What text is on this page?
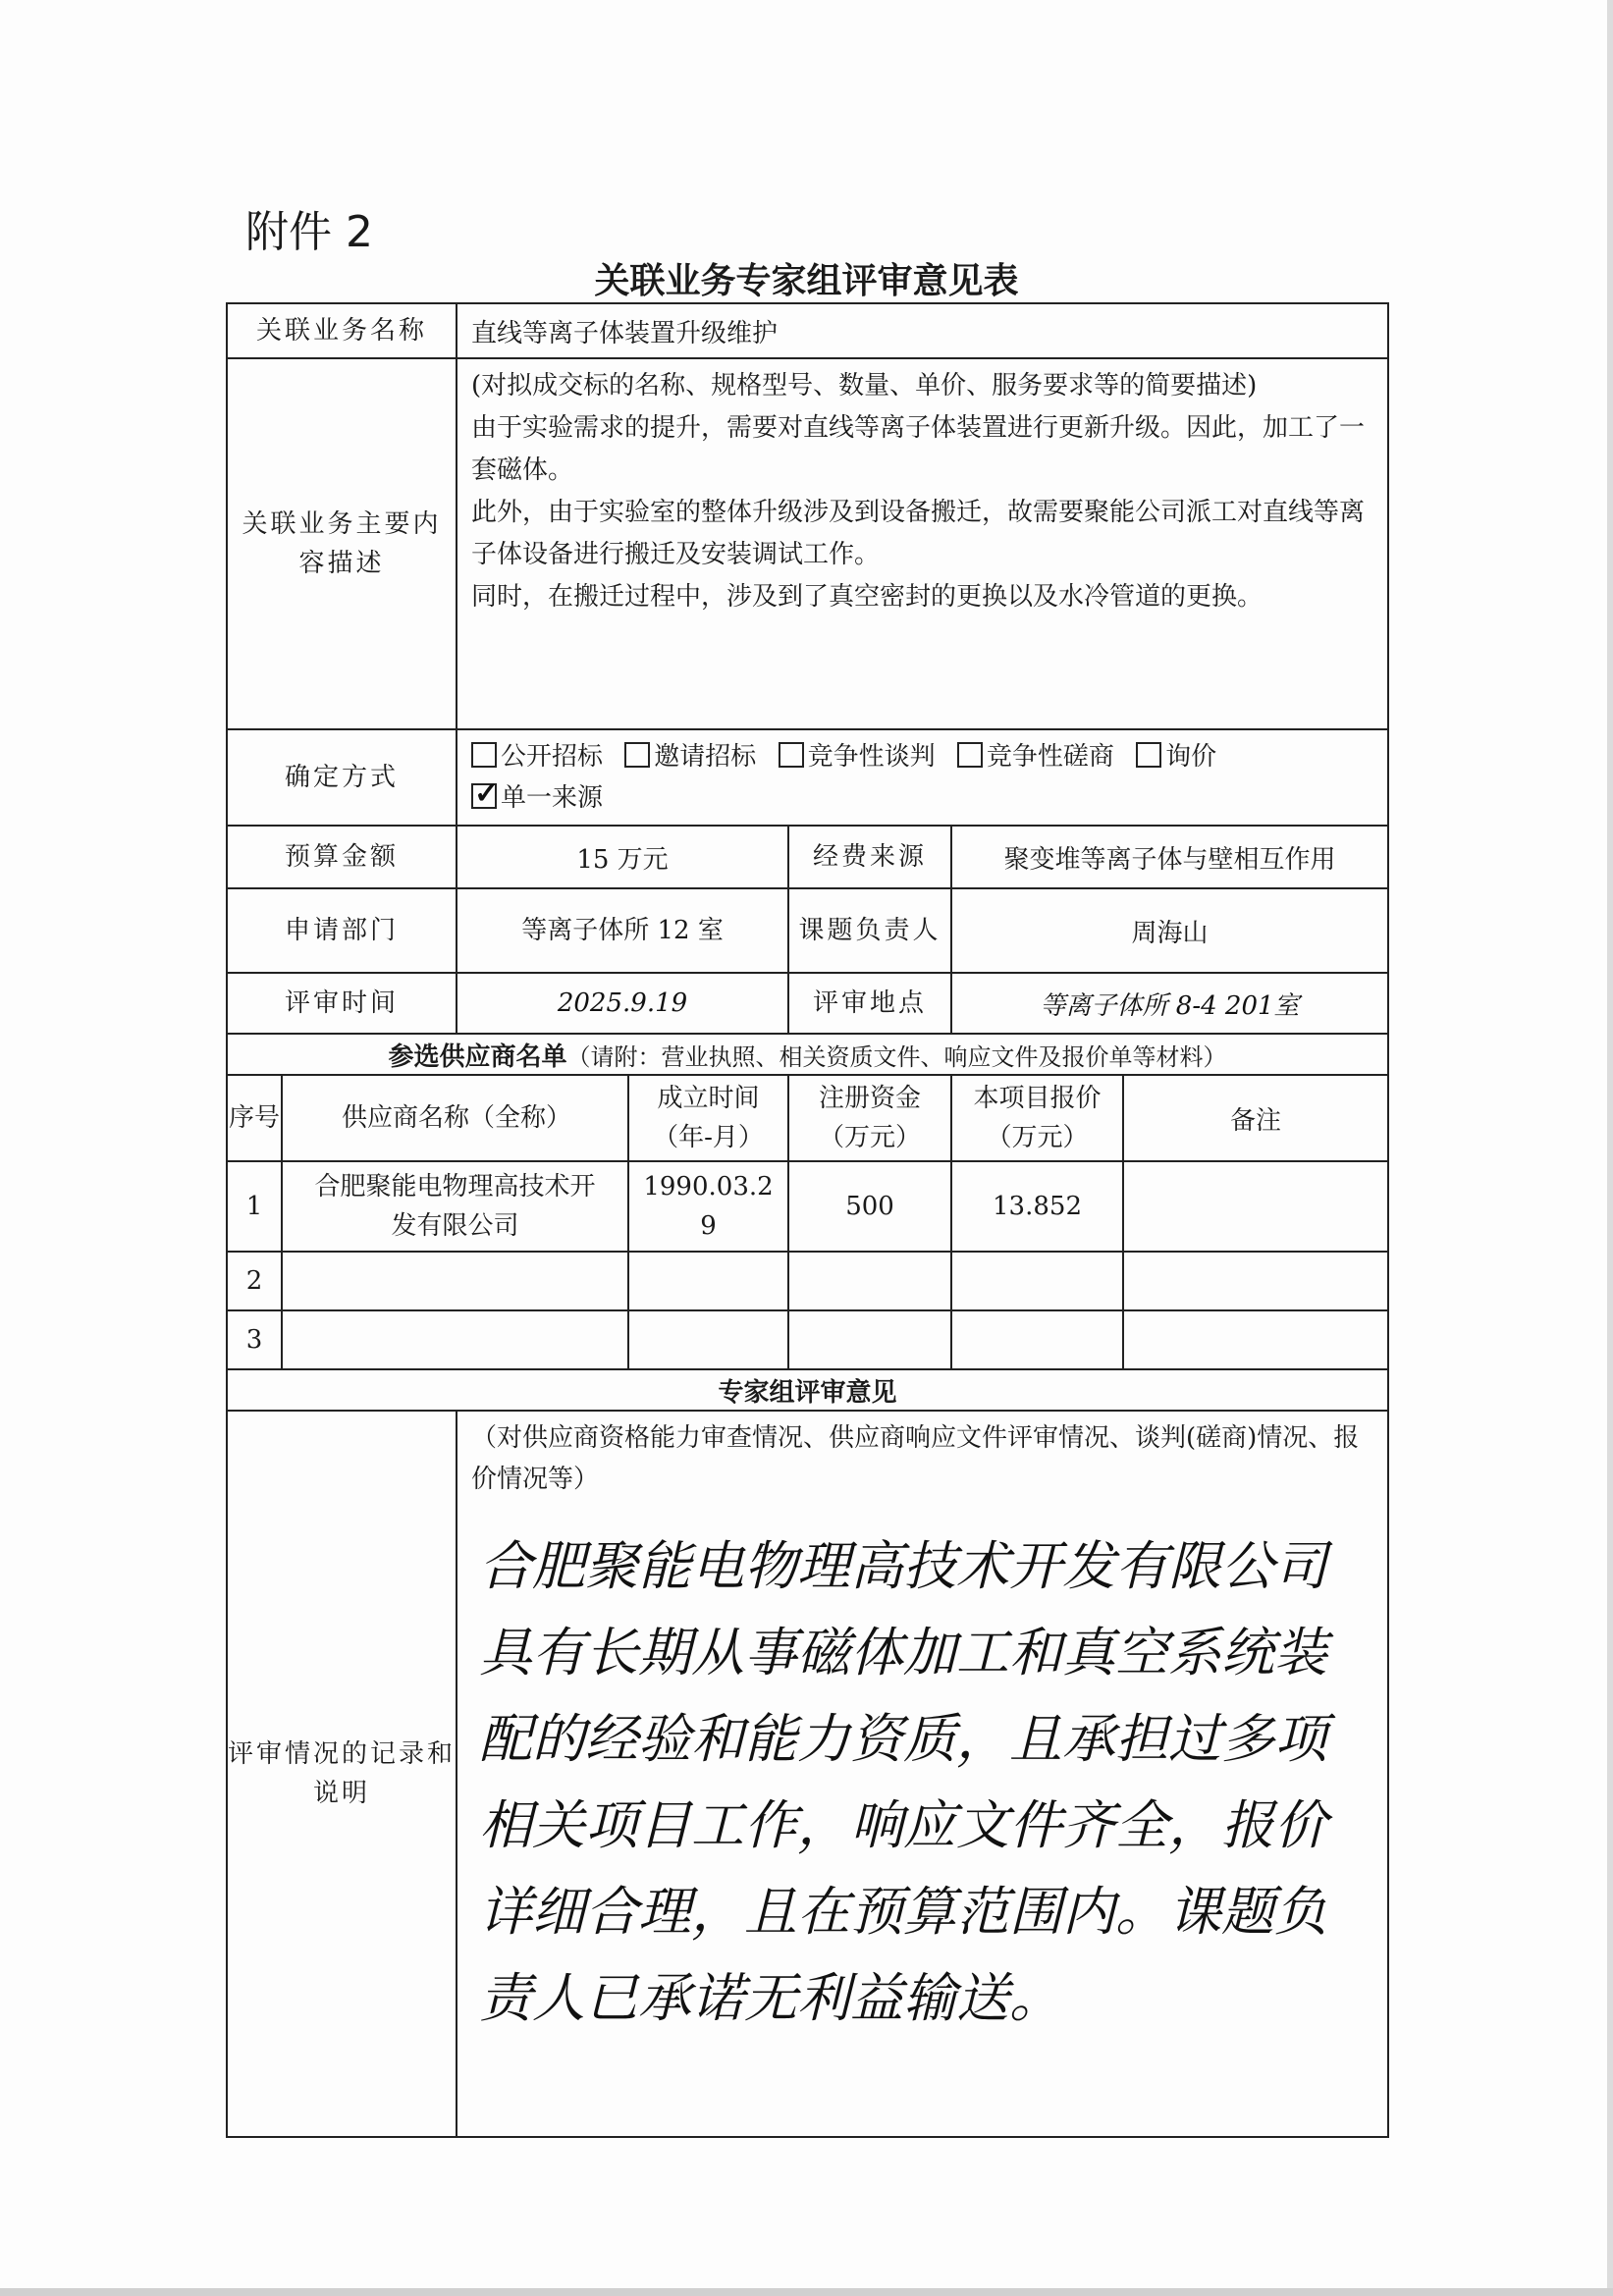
附件 2
关联业务专家组评审意见表
关联业务名称		直线等离子体装置升级维护				
关联业务主要内容描述		(对拟成交标的名称、规格型号、数量、单价、服务要求等的简要描述)

由于实验需求的提升，需要对直线等离子体装置进行更新升级。因此，加工了一套磁体。

此外，由于实验室的整体升级涉及到设备搬迁，故需要聚能公司派工对直线等离子体设备进行搬迁及安装调试工作。

同时，在搬迁过程中，涉及到了真空密封的更换以及水冷管道的更换。				

确定方式		公开招标 邀请招标 竞争性谈判 竞争性磋商 询价
✓单一来源
预算金额		15 万元		经费来源	聚变堆等离子体与壁相互作用	
申请部门		等离子体所 12 室		课题负责人	周海山	
评审时间		2025.9.19		评审地点	等离子体所 8-4 201室	
参选供应商名单（请附：营业执照、相关资质文件、响应文件及报价单等材料）						
序号	供应商名称（全称）		成立时间（年-月）	注册资金（万元）	本项目报价（万元）	备注
1	合肥聚能电物理高技术开发有限公司		1990.03.29	500	13.852	
2						
3						
专家组评审意见						
评审情况的记录和说明		（对供应商资格能力审查情况、供应商响应文件评审情况、谈判(磋商)情况、报价情况等）
合肥聚能电物理高技术开发有限公司具有长期从事磁体加工和真空系统装配的经验和能力资质，且承担过多项相关项目工作，响应文件齐全，报价详细合理，且在预算范围内。课题负责人已承诺无利益输送。				
